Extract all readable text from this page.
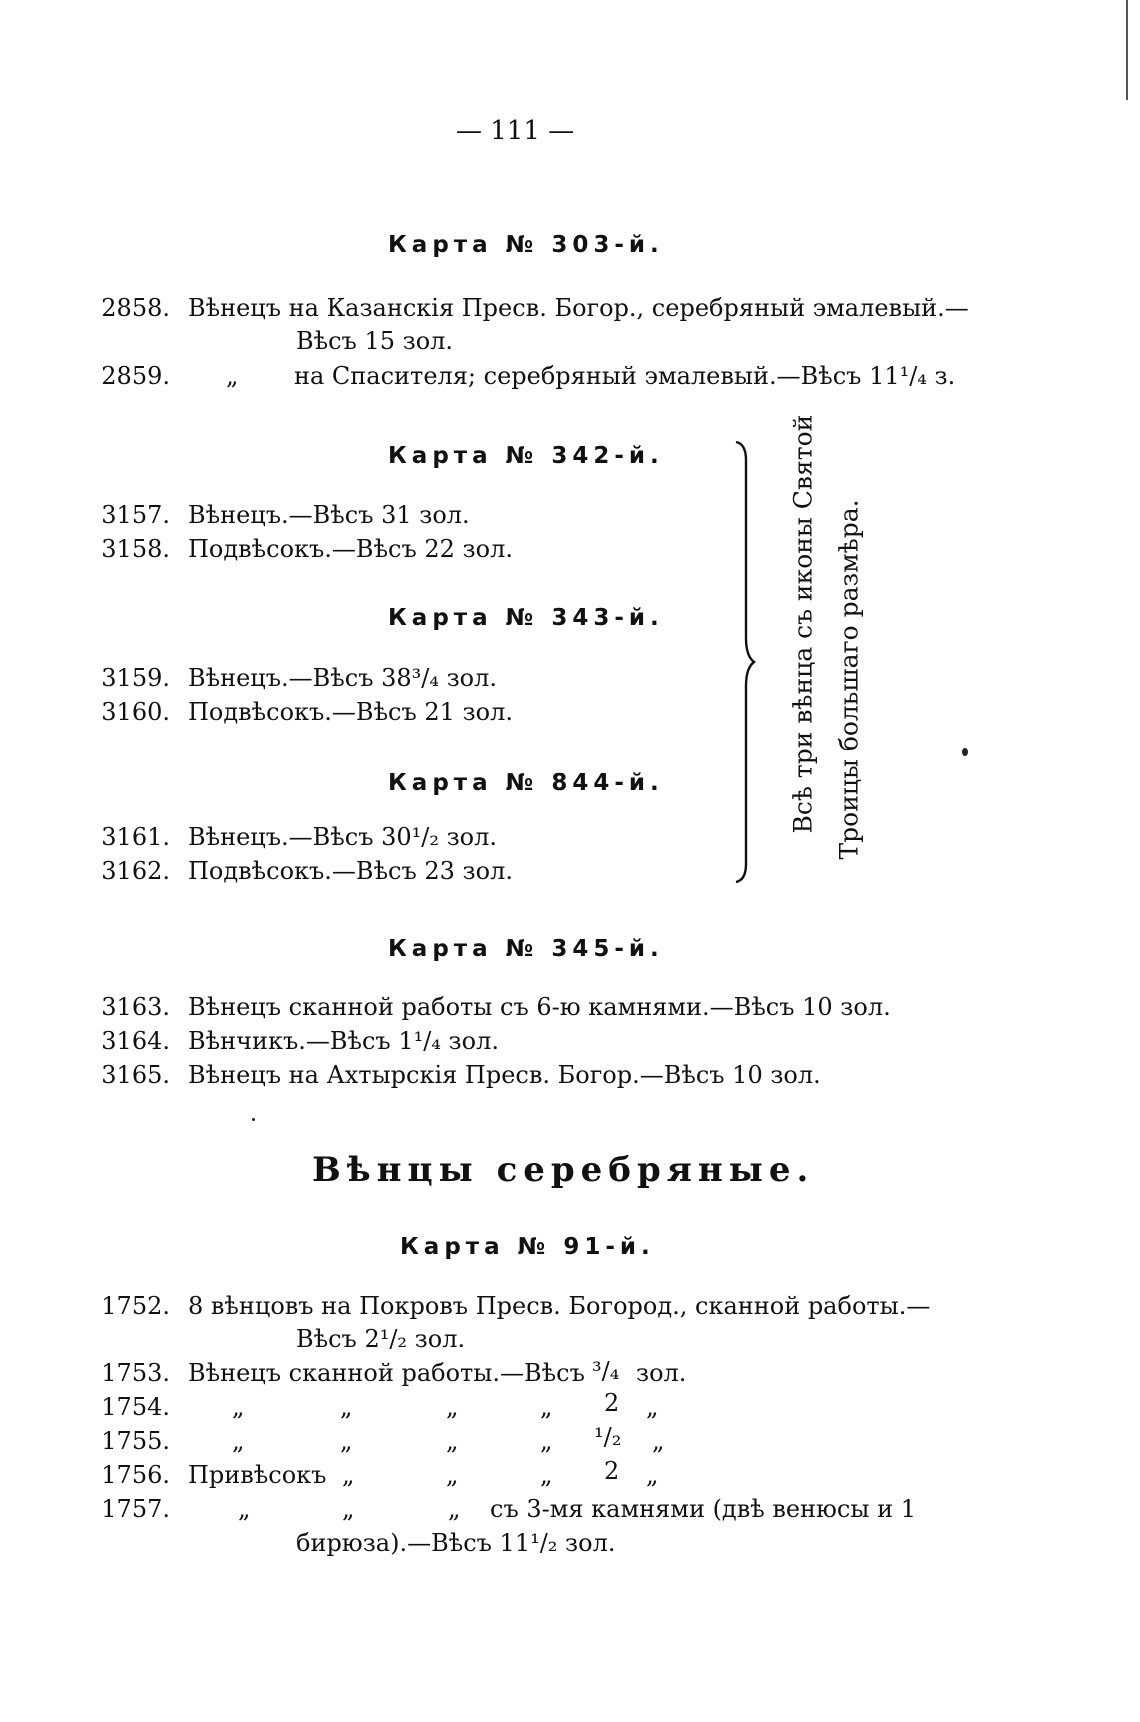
— 111 —
Карта № 303-й.
2858. Вѣнецъ на Казанскія Пресв. Богор., серебряный эмалевый.—
Вѣсъ 15 зол.
2859. „ на Спасителя; серебряный эмалевый.—Вѣсъ 11¹/₄ з.
Карта № 342-й.
3157. Вѣнецъ.—Вѣсъ 31 зол.
3158. Подвѣсокъ.—Вѣсъ 22 зол.
Карта № 343-й.
3159. Вѣнецъ.—Вѣсъ 38³/₄ зол.
3160. Подвѣсокъ.—Вѣсъ 21 зол.
Карта № 844-й.
3161. Вѣнецъ.—Вѣсъ 30¹/₂ зол.
3162. Подвѣсокъ.—Вѣсъ 23 зол.
Всѣ три вѣнца съ иконы Святой Троицы большаго размѣра.
Карта № 345-й.
3163. Вѣнецъ сканной работы съ 6-ю камнями.—Вѣсъ 10 зол.
3164. Вѣнчикъ.—Вѣсъ 1¹/₄ зол.
3165. Вѣнецъ на Ахтырскія Пресв. Богор.—Вѣсъ 10 зол.
Вѣнцы серебряные.
Карта № 91-й.
1752. 8 вѣнцовъ на Покровъ Пресв. Богород., сканной работы.—
Вѣсъ 2¹/₂ зол.
1753. Вѣнецъ сканной работы.—Вѣсъ ³/₄ зол.
1754.	„	„	„	„ 2 „
1755.	„	„	„	„ ¹/₂ „
1756. Привѣсокъ „	„	„ 2 „
1757.	„	„	„ съ 3-мя камнями (двѣ венюсы и 1
бирюза).—Вѣсъ 11¹/₂ зол.
